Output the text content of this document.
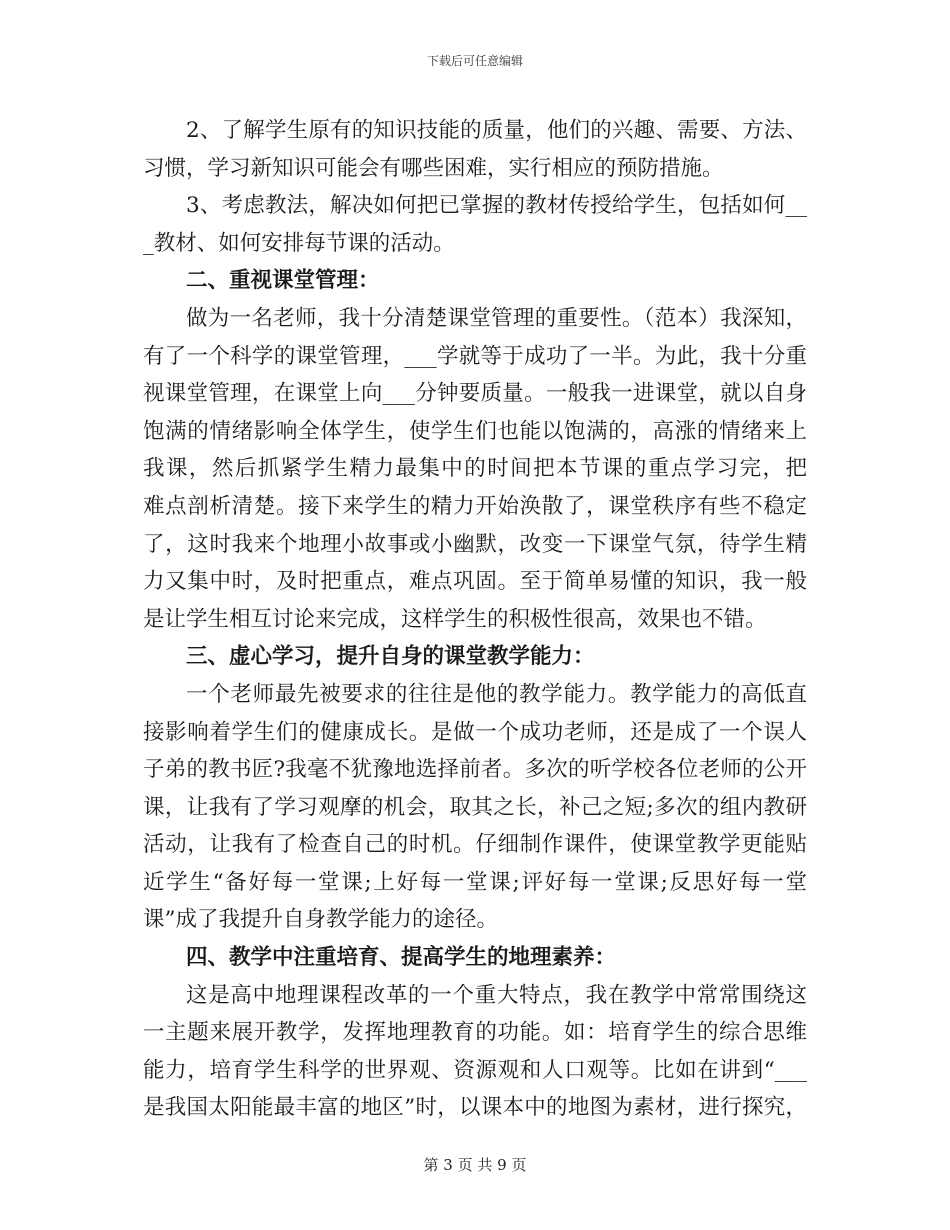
下载后可任意编辑
2、了解学生原有的知识技能的质量，他们的兴趣、需要、方法、
习惯，学习新知识可能会有哪些困难，实行相应的预防措施。
3、考虑教法，解决如何把已掌握的教材传授给学生，包括如何__
_教材、如何安排每节课的活动。
二、重视课堂管理：
做为一名老师，我十分清楚课堂管理的重要性。（范本）我深知，
有了一个科学的课堂管理，___学就等于成功了一半。为此，我十分重
视课堂管理，在课堂上向___分钟要质量。一般我一进课堂，就以自身
饱满的情绪影响全体学生，使学生们也能以饱满的，高涨的情绪来上
我课，然后抓紧学生精力最集中的时间把本节课的重点学习完，把
难点剖析清楚。接下来学生的精力开始涣散了，课堂秩序有些不稳定
了，这时我来个地理小故事或小幽默，改变一下课堂气氛，待学生精
力又集中时，及时把重点，难点巩固。至于简单易懂的知识，我一般
是让学生相互讨论来完成，这样学生的积极性很高，效果也不错。
三、虚心学习，提升自身的课堂教学能力：
一个老师最先被要求的往往是他的教学能力。教学能力的高低直
接影响着学生们的健康成长。是做一个成功老师，还是成了一个误人
子弟的教书匠?我毫不犹豫地选择前者。多次的听学校各位老师的公开
课，让我有了学习观摩的机会，取其之长，补己之短;多次的组内教研
活动，让我有了检查自己的时机。仔细制作课件，使课堂教学更能贴
近学生“备好每一堂课;上好每一堂课;评好每一堂课;反思好每一堂
课”成了我提升自身教学能力的途径。
四、教学中注重培育、提高学生的地理素养：
这是高中地理课程改革的一个重大特点，我在教学中常常围绕这
一主题来展开教学，发挥地理教育的功能。如：培育学生的综合思维
能力，培育学生科学的世界观、资源观和人口观等。比如在讲到“___
是我国太阳能最丰富的地区”时，以课本中的地图为素材，进行探究，
第 3 页 共 9 页
